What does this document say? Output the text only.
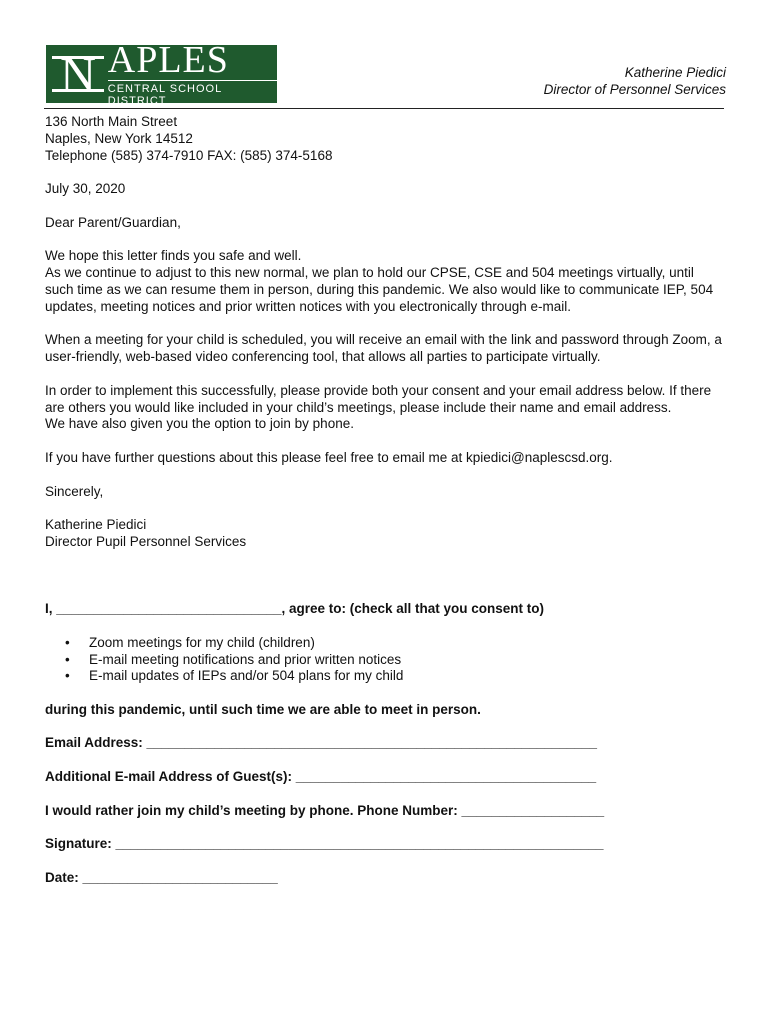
N APLES
CENTRAL SCHOOL DISTRICT
Katherine Piedici
Director of Personnel Services

136 North Main Street

Naples, New York 14512

Telephone (585) 374-7910 FAX: (585) 374-5168

July 30, 2020

Dear Parent/Guardian,

We hope this letter finds you safe and well.

As we continue to adjust to this new normal, we plan to hold our CPSE, CSE and 504 meetings virtually, until such time as we can resume them in person, during this pandemic. We also would like to communicate IEP, 504 updates, meeting notices and prior written notices with you electronically through e-mail.

When a meeting for your child is scheduled, you will receive an email with the link and password through Zoom, a user-friendly, web-based video conferencing tool, that allows all parties to participate virtually.

In order to implement this successfully, please provide both your consent and your email address below. If there are others you would like included in your child’s meetings, please include their name and email address.

We have also given you the option to join by phone.

If you have further questions about this please feel free to email me at kpiedici@naplescsd.org.

Sincerely,

Katherine Piedici

Director Pupil Personnel Services

I, ______________________________, agree to: (check all that you consent to)

• Zoom meetings for my child (children)
• E-mail meeting notifications and prior written notices
• E-mail updates of IEPs and/or 504 plans for my child

during this pandemic, until such time we are able to meet in person.

Email Address: ____________________________________________________________

Additional E-mail Address of Guest(s): ________________________________________

I would rather join my child’s meeting by phone. Phone Number: ___________________

Signature: _________________________________________________________________

Date: __________________________
